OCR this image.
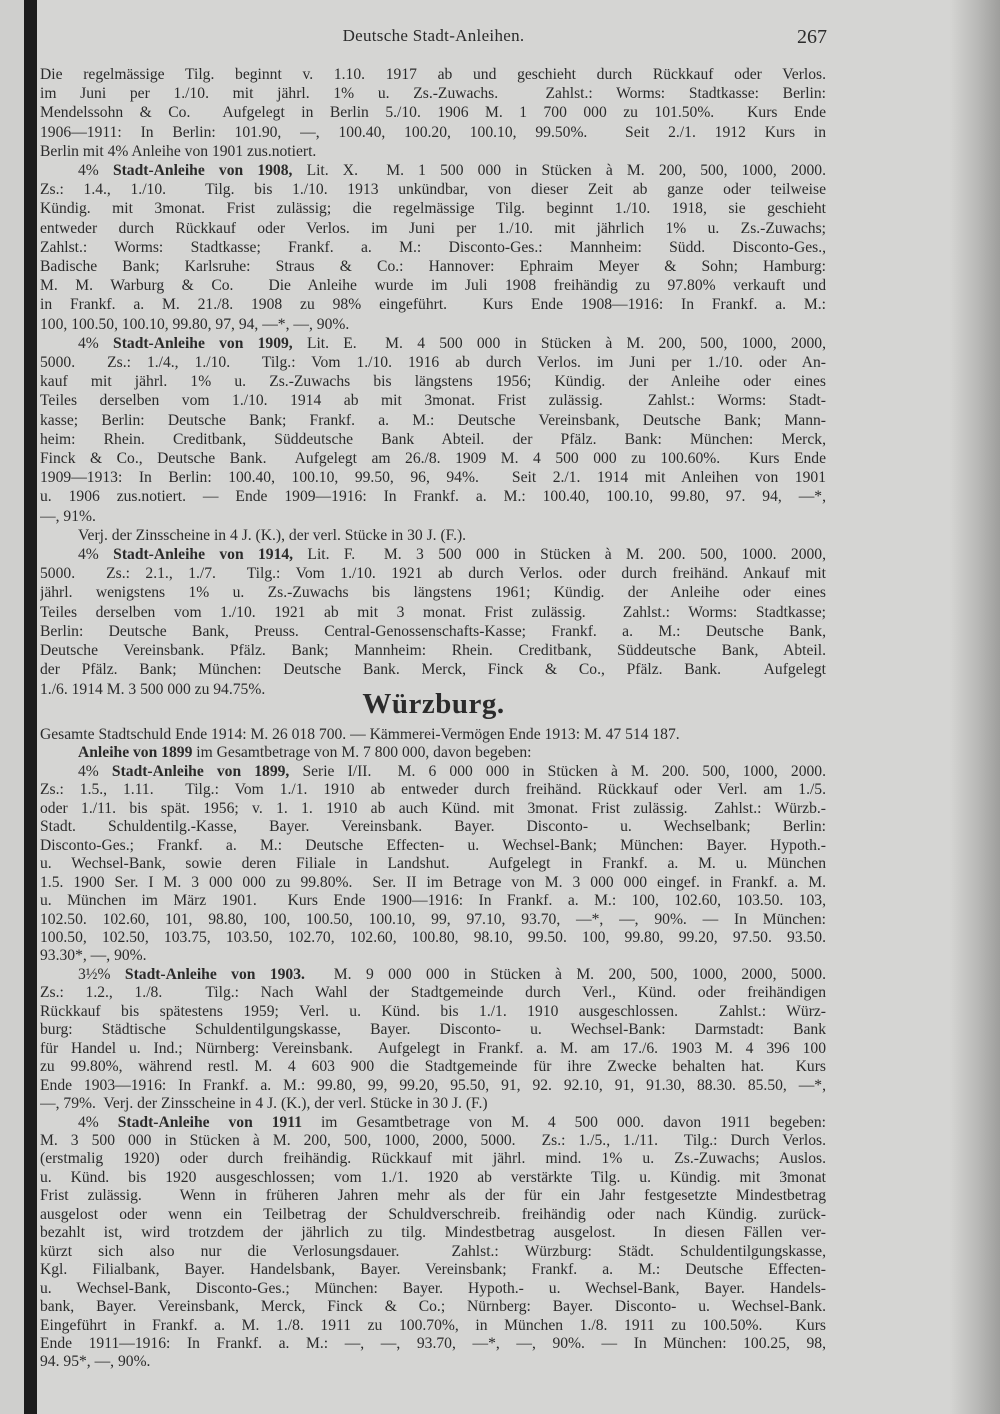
Deutsche Stadt-Anleihen.	267
Die regelmässige Tilg. beginnt v. 1.10. 1917 ab und geschieht durch Rückkauf oder Verlos.
im Juni per 1./10. mit jährl. 1% u. Zs.-Zuwachs.  Zahlst.: Worms: Stadtkasse: Berlin:
Mendelssohn & Co.  Aufgelegt in Berlin 5./10. 1906 M. 1 700 000 zu 101.50%.  Kurs Ende
1906—1911: In Berlin: 101.90, —, 100.40, 100.20, 100.10, 99.50%.  Seit 2./1. 1912 Kurs in
Berlin mit 4% Anleihe von 1901 zus.notiert.
4% Stadt-Anleihe von 1908, Lit. X.  M. 1 500 000 in Stücken à M. 200, 500, 1000, 2000.
Zs.: 1.4., 1./10.  Tilg. bis 1./10. 1913 unkündbar, von dieser Zeit ab ganze oder teilweise
Kündig. mit 3monat. Frist zulässig; die regelmässige Tilg. beginnt 1./10. 1918, sie geschieht
entweder durch Rückkauf oder Verlos. im Juni per 1./10. mit jährlich 1% u. Zs.-Zuwachs;
Zahlst.: Worms: Stadtkasse; Frankf. a. M.: Disconto-Ges.: Mannheim: Südd. Disconto-Ges.,
Badische Bank; Karlsruhe: Straus & Co.: Hannover: Ephraim Meyer & Sohn; Hamburg:
M. M. Warburg & Co.  Die Anleihe wurde im Juli 1908 freihändig zu 97.80% verkauft und
in Frankf. a. M. 21./8. 1908 zu 98% eingeführt.  Kurs Ende 1908—1916: In Frankf. a. M.:
100, 100.50, 100.10, 99.80, 97, 94, —*, —, 90%.
4% Stadt-Anleihe von 1909, Lit. E.  M. 4 500 000 in Stücken à M. 200, 500, 1000, 2000,
5000.  Zs.: 1./4., 1./10.  Tilg.: Vom 1./10. 1916 ab durch Verlos. im Juni per 1./10. oder An-
kauf mit jährl. 1% u. Zs.-Zuwachs bis längstens 1956; Kündig. der Anleihe oder eines
Teiles derselben vom 1./10. 1914 ab mit 3monat. Frist zulässig.  Zahlst.: Worms: Stadt-
kasse; Berlin: Deutsche Bank; Frankf. a. M.: Deutsche Vereinsbank, Deutsche Bank; Mann-
heim: Rhein. Creditbank, Süddeutsche Bank Abteil. der Pfälz. Bank: München: Merck,
Finck & Co., Deutsche Bank.  Aufgelegt am 26./8. 1909 M. 4 500 000 zu 100.60%.  Kurs Ende
1909—1913: In Berlin: 100.40, 100.10, 99.50, 96, 94%.  Seit 2./1. 1914 mit Anleihen von 1901
u. 1906 zus.notiert. — Ende 1909—1916: In Frankf. a. M.: 100.40, 100.10, 99.80, 97. 94, —*,
—, 91%.
Verj. der Zinsscheine in 4 J. (K.), der verl. Stücke in 30 J. (F.).
4% Stadt-Anleihe von 1914, Lit. F.  M. 3 500 000 in Stücken à M. 200. 500, 1000. 2000,
5000.  Zs.: 2.1., 1./7.  Tilg.: Vom 1./10. 1921 ab durch Verlos. oder durch freihänd. Ankauf mit
jährl. wenigstens 1% u. Zs.-Zuwachs bis längstens 1961; Kündig. der Anleihe oder eines
Teiles derselben vom 1./10. 1921 ab mit 3 monat. Frist zulässig.  Zahlst.: Worms: Stadtkasse;
Berlin: Deutsche Bank, Preuss. Central-Genossenschafts-Kasse; Frankf. a. M.: Deutsche Bank,
Deutsche Vereinsbank. Pfälz. Bank; Mannheim: Rhein. Creditbank, Süddeutsche Bank, Abteil.
der Pfälz. Bank; München: Deutsche Bank. Merck, Finck & Co., Pfälz. Bank.  Aufgelegt
1./6. 1914 M. 3 500 000 zu 94.75%.	Würzburg.
Gesamte Stadtschuld Ende 1914: M. 26 018 700. — Kämmerei-Vermögen Ende 1913: M. 47 514 187.
Anleihe von 1899 im Gesamtbetrage von M. 7 800 000, davon begeben:
4% Stadt-Anleihe von 1899, Serie I/II.  M. 6 000 000 in Stücken à M. 200. 500, 1000, 2000.
Zs.: 1.5., 1.11.  Tilg.: Vom 1./1. 1910 ab entweder durch freihänd. Rückkauf oder Verl. am 1./5.
oder 1./11. bis spät. 1956; v. 1. 1. 1910 ab auch Künd. mit 3monat. Frist zulässig.  Zahlst.: Würzb.-
Stadt. Schuldentilg.-Kasse, Bayer. Vereinsbank. Bayer. Disconto- u. Wechselbank; Berlin:
Disconto-Ges.; Frankf. a. M.: Deutsche Effecten- u. Wechsel-Bank; München: Bayer. Hypoth.-
u. Wechsel-Bank, sowie deren Filiale in Landshut.  Aufgelegt in Frankf. a. M. u. München
1.5. 1900 Ser. I M. 3 000 000 zu 99.80%.  Ser. II im Betrage von M. 3 000 000 eingef. in Frankf. a. M.
u. München im März 1901.  Kurs Ende 1900—1916: In Frankf. a. M.: 100, 102.60, 103.50. 103,
102.50. 102.60, 101, 98.80, 100, 100.50, 100.10, 99, 97.10, 93.70, —*, —, 90%. — In München:
100.50, 102.50, 103.75, 103.50, 102.70, 102.60, 100.80, 98.10, 99.50. 100, 99.80, 99.20, 97.50. 93.50.
93.30*, —, 90%.
3½% Stadt-Anleihe von 1903.  M. 9 000 000 in Stücken à M. 200, 500, 1000, 2000, 5000.
Zs.: 1.2., 1./8.  Tilg.: Nach Wahl der Stadtgemeinde durch Verl., Künd. oder freihändigen
Rückkauf bis spätestens 1959; Verl. u. Künd. bis 1./1. 1910 ausgeschlossen.  Zahlst.: Würz-
burg: Städtische Schuldentilgungskasse, Bayer. Disconto- u. Wechsel-Bank: Darmstadt: Bank
für Handel u. Ind.; Nürnberg: Vereinsbank.  Aufgelegt in Frankf. a. M. am 17./6. 1903 M. 4 396 100
zu 99.80%, während restl. M. 4 603 900 die Stadtgemeinde für ihre Zwecke behalten hat.  Kurs
Ende 1903—1916: In Frankf. a. M.: 99.80, 99, 99.20, 95.50, 91, 92. 92.10, 91, 91.30, 88.30. 85.50, —*,
—, 79%.  Verj. der Zinsscheine in 4 J. (K.), der verl. Stücke in 30 J. (F.)
4% Stadt-Anleihe von 1911 im Gesamtbetrage von M. 4 500 000. davon 1911 begeben:
M. 3 500 000 in Stücken à M. 200, 500, 1000, 2000, 5000.  Zs.: 1./5., 1./11.  Tilg.: Durch Verlos.
(erstmalig 1920) oder durch freihändig. Rückkauf mit jährl. mind. 1% u. Zs.-Zuwachs; Auslos.
u. Künd. bis 1920 ausgeschlossen; vom 1./1. 1920 ab verstärkte Tilg. u. Kündig. mit 3monat
Frist zulässig.  Wenn in früheren Jahren mehr als der für ein Jahr festgesetzte Mindestbetrag
ausgelost oder wenn ein Teilbetrag der Schuldverschreib. freihändig oder nach Kündig. zurück-
bezahlt ist, wird trotzdem der jährlich zu tilg. Mindestbetrag ausgelost.  In diesen Fällen ver-
kürzt sich also nur die Verlosungsdauer.  Zahlst.: Würzburg: Städt. Schuldentilgungskasse,
Kgl. Filialbank, Bayer. Handelsbank, Bayer. Vereinsbank; Frankf. a. M.: Deutsche Effecten-
u. Wechsel-Bank, Disconto-Ges.; München: Bayer. Hypoth.- u. Wechsel-Bank, Bayer. Handels-
bank, Bayer. Vereinsbank, Merck, Finck & Co.; Nürnberg: Bayer. Disconto- u. Wechsel-Bank.
Eingeführt in Frankf. a. M. 1./8. 1911 zu 100.70%, in München 1./8. 1911 zu 100.50%.  Kurs
Ende 1911—1916: In Frankf. a. M.: —, —, 93.70, —*, —, 90%. — In München: 100.25, 98,
94. 95*, —, 90%.
